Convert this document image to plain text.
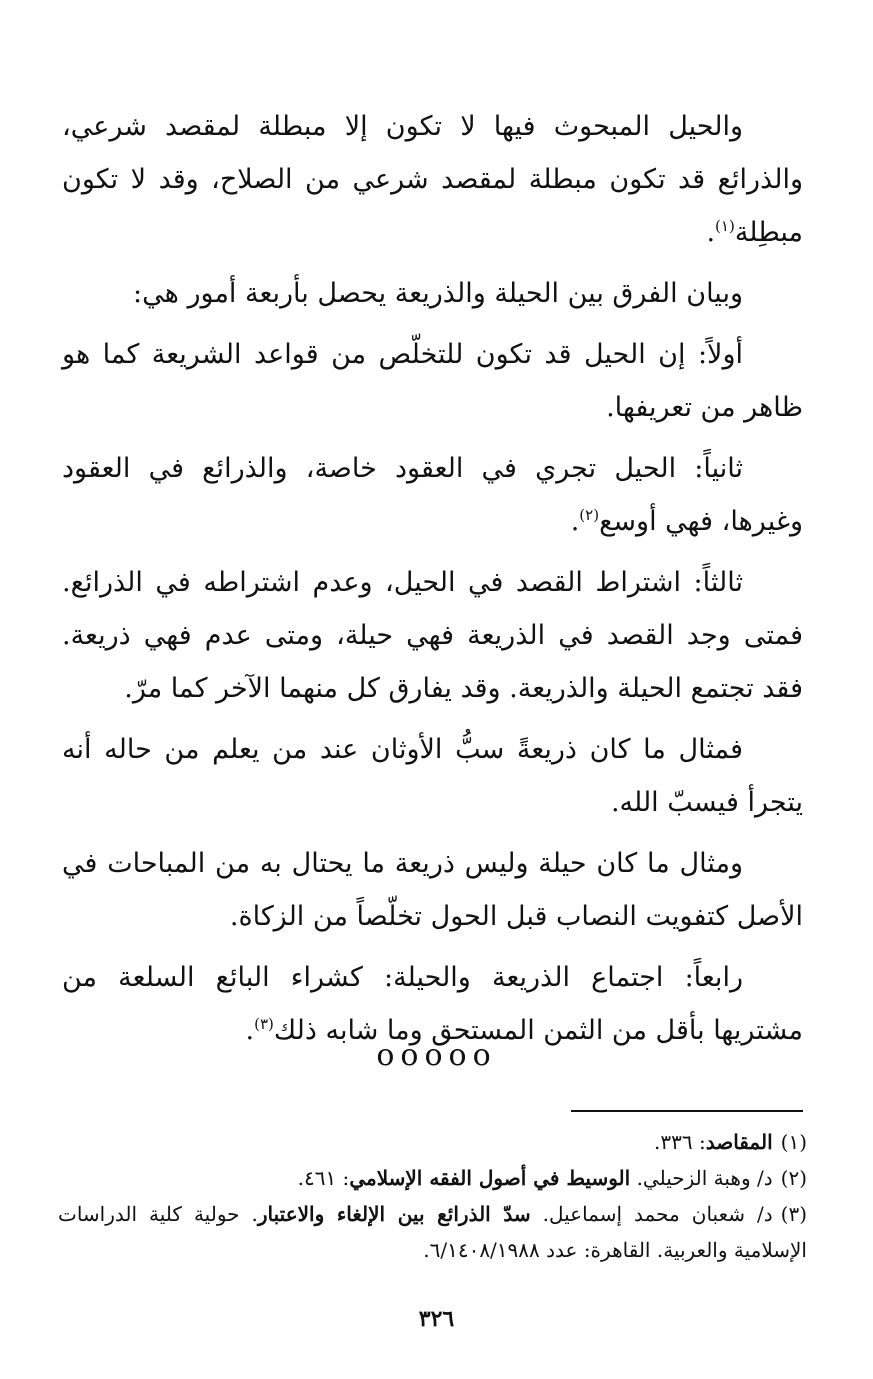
والحيل المبحوث فيها لا تكون إلا مبطلة لمقصد شرعي، والذرائع قد تكون مبطلة لمقصد شرعي من الصلاح، وقد لا تكون مبطِلة$^{(١)}$.

وبيان الفرق بين الحيلة والذريعة يحصل بأربعة أمور هي:

أولاً: إن الحيل قد تكون للتخلّص من قواعد الشريعة كما هو ظاهر من تعريفها.

ثانياً: الحيل تجري في العقود خاصة، والذرائع في العقود وغيرها، فهي أوسع$^{(٢)}$.

ثالثاً: اشتراط القصد في الحيل، وعدم اشتراطه في الذرائع. فمتى وجد القصد في الذريعة فهي حيلة، ومتى عدم فهي ذريعة. فقد تجتمع الحيلة والذريعة. وقد يفارق كل منهما الآخر كما مرّ.

فمثال ما كان ذريعةً سبُّ الأوثان عند من يعلم من حاله أنه يتجرأ فيسبّ الله.

ومثال ما كان حيلة وليس ذريعة ما يحتال به من المباحات في الأصل كتفويت النصاب قبل الحول تخلّصاً من الزكاة.

رابعاً: اجتماع الذريعة والحيلة: كشراء البائع السلعة من مشتريها بأقل من الثمن المستحق وما شابه ذلك$^{(٣)}$.

ooooo

(١)المقاصد: ٣٣٦.

(٢)د/ وهبة الزحيلي. الوسيط في أصول الفقه الإسلامي: ٤٦١.

(٣)د/ شعبان محمد إسماعيل. سدّ الذرائع بين الإلغاء والاعتبار. حولية كلية الدراسات الإسلامية والعربية. القاهرة: عدد ٦/١٤٠٨/١٩٨٨.

٣٢٦
